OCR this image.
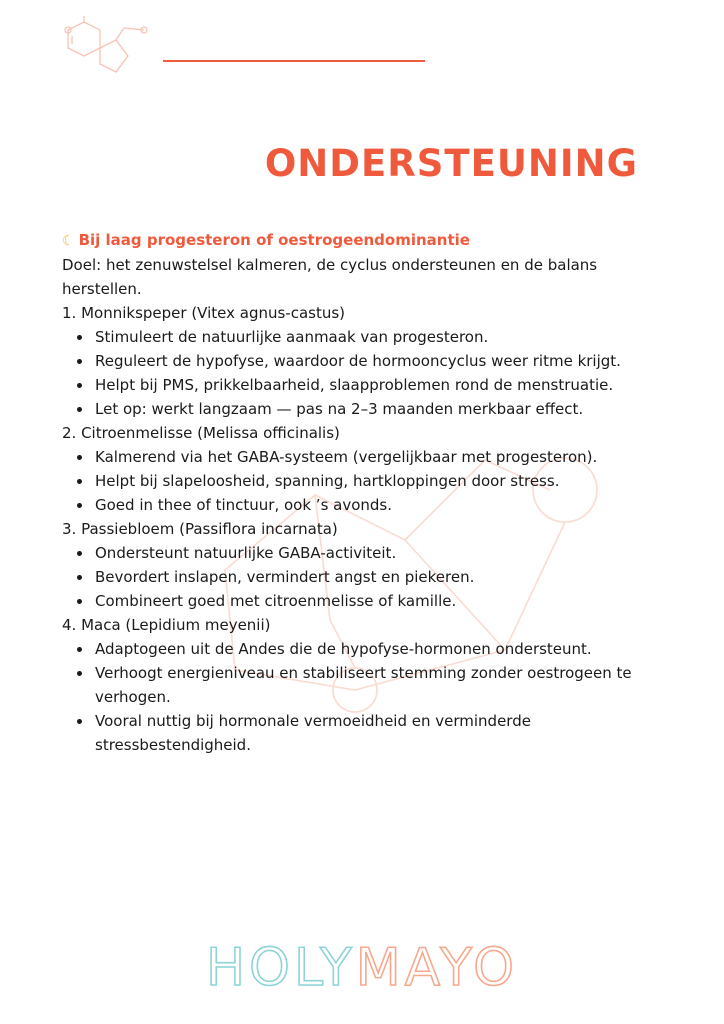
ONDERSTEUNING
☾ Bij laag progesteron of oestrogeendominantie

Doel: het zenuwstelsel kalmeren, de cyclus ondersteunen en de balans herstellen.

1. Monnikspeper (Vitex agnus-castus)

• Stimuleert de natuurlijke aanmaak van progesteron.
• Reguleert de hypofyse, waardoor de hormooncyclus weer ritme krijgt.
• Helpt bij PMS, prikkelbaarheid, slaapproblemen rond de menstruatie.
• Let op: werkt langzaam — pas na 2–3 maanden merkbaar effect.

2. Citroenmelisse (Melissa officinalis)

• Kalmerend via het GABA-systeem (vergelijkbaar met progesteron).
• Helpt bij slapeloosheid, spanning, hartkloppingen door stress.
• Goed in thee of tinctuur, ook ’s avonds.

3. Passiebloem (Passiflora incarnata)

• Ondersteunt natuurlijke GABA-activiteit.
• Bevordert inslapen, vermindert angst en piekeren.
• Combineert goed met citroenmelisse of kamille.

4. Maca (Lepidium meyenii)

• Adaptogeen uit de Andes die de hypofyse-hormonen ondersteunt.
• Verhoogt energieniveau en stabiliseert stemming zonder oestrogeen te verhogen.
• Vooral nuttig bij hormonale vermoeidheid en verminderde stressbestendigheid.
HOLYMAYO
